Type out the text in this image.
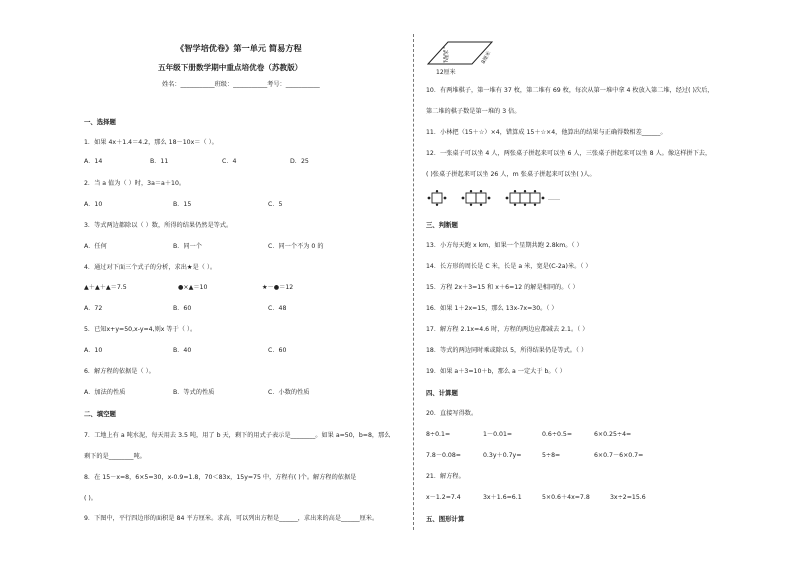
《智学培优卷》第一单元 简易方程
五年级下册数学期中重点培优卷（苏教版）
姓名：___________班级：___________考号：___________
一、选择题
1．如果 4x＋1.4＝4.2，那么 18－10x＝（ ）。
A．14	B．11	C．4	D．25
2．当 a 值为（ ）时，3a＝a＋10。
A．10	B．15	C．5
3．等式两边都除以（ ）数，所得的结果仍然是等式。
A．任何	B．同一个	C．同一个不为 0 的
4．通过对下面三个式子的分析，求出★是（ ）。
▲＋▲＋▲＝7.5	●×▲＝10	★－●＝12
A．72	B．60	C．48
5．已知x+y=50,x-y=4,则x 等于（ ）。
A．10	B．40	C．60
6．解方程的依据是（ ）。
A．加法的性质	B．等式的性质	C．小数的性质
二、填空题
7．工地上有 a 吨水泥，每天用去 3.5 吨，用了 b 天，剩下的用式子表示是________。如果 a=50，b=8，那么
剩下的是________吨。
8．在 15－x=8，6×5=30，x-0.9=1.8，70＜83x，15y=75 中，方程有( )个。解方程的依据是
( )。
9．下图中，平行四边形的面积是 84 平方厘米。求高，可以列出方程是______，求出来的高是______厘米。
12厘米
8厘米
h厘米
10．有两堆棋子，第一堆有 37 枚，第二堆有 69 枚，每次从第一堆中拿 4 枚放入第二堆，经过( )次后，
第二堆的棋子数是第一堆的 3 倍。
11．小林把（15＋☆）×4，错算成 15＋☆×4，他算出的结果与正确得数相差______。
12．一张桌子可以坐 4 人，两张桌子拼起来可以坐 6 人，三张桌子拼起来可以坐 8 人。像这样拼下去，
( )张桌子拼起来可以坐 26 人，m 张桌子拼起来可以坐( )人。
……
三、判断题
13．小方每天跑 x km，如果一个星期共跑 2.8km。（ ）
14．长方形的周长是 C 米，长是 a 米，宽是(C-2a)米。（ ）
15．方程 2x＋3=15 和 x＋6=12 的解是相同的。（ ）
16．如果 1＋2x=15，那么 13x-7x=30。（ ）
17．解方程 2.1x=4.6 时，方程的两边应都减去 2.1。（ ）
18．等式的两边同时乘或除以 5，所得结果仍是等式。（ ）
19．如果 a＋3=10＋b，那么 a 一定大于 b。（ ）
四、计算题
20．直接写得数。
8÷0.1=	1－0.01=	0.6÷0.5=	6×0.25÷4=
7.8－0.08=	0.3y＋0.7y=	5÷8=	6×0.7－6×0.7=
21．解方程。
x－1.2=7.4	3x＋1.6=6.1	5×0.6＋4x=7.8	3x÷2=15.6
五、图形计算
